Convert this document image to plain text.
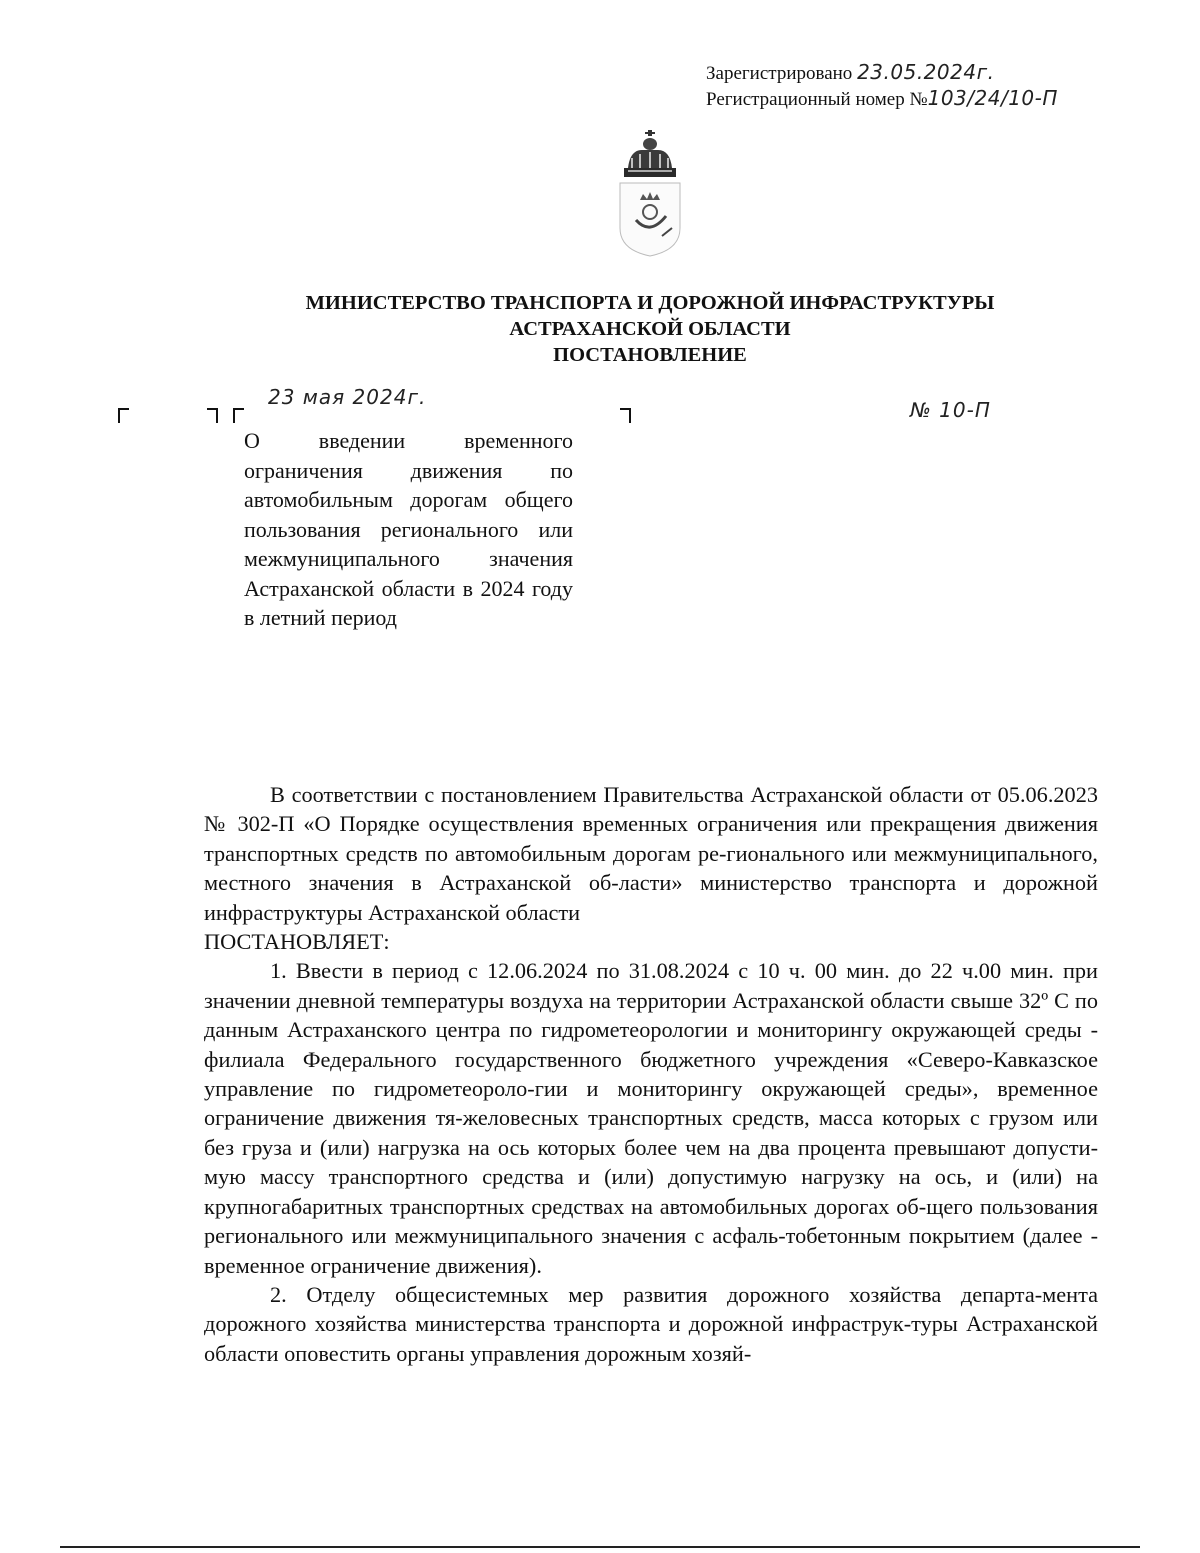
Зарегистрировано 23.05.2024г.
Регистрационный номер №103/24/10-П
МИНИСТЕРСТВО ТРАНСПОРТА И ДОРОЖНОЙ ИНФРАСТРУКТУРЫ
АСТРАХАНСКОЙ ОБЛАСТИ
ПОСТАНОВЛЕНИЕ
23 мая 2024г.
№ 10-П
О введении временного ограничения движения по автомобильным дорогам общего пользования регионального или межмуниципального значения Астраханской области в 2024 году в летний период

В соответствии с постановлением Правительства Астраханской области от 05.06.2023 № 302-П «О Порядке осуществления временных ограничения или прекращения движения транспортных средств по автомобильным дорогам ре-гионального или межмуниципального, местного значения в Астраханской об-ласти» министерство транспорта и дорожной инфраструктуры Астраханской области

ПОСТАНОВЛЯЕТ:

1. Ввести в период с 12.06.2024 по 31.08.2024 с 10 ч. 00 мин. до 22 ч.00 мин. при значении дневной температуры воздуха на территории Астраханской области свыше 32º С по данным Астраханского центра по гидрометеорологии и мониторингу окружающей среды - филиала Федерального государственного бюджетного учреждения «Северо-Кавказское управление по гидрометеороло-гии и мониторингу окружающей среды», временное ограничение движения тя-желовесных транспортных средств, масса которых с грузом или без груза и (или) нагрузка на ось которых более чем на два процента превышают допусти-мую массу транспортного средства и (или) допустимую нагрузку на ось, и (или) на крупногабаритных транспортных средствах на автомобильных дорогах об-щего пользования регионального или межмуниципального значения с асфаль-тобетонным покрытием (далее - временное ограничение движения).

2. Отделу общесистемных мер развития дорожного хозяйства департа-мента дорожного хозяйства министерства транспорта и дорожной инфраструк-туры Астраханской области оповестить органы управления дорожным хозяй-
